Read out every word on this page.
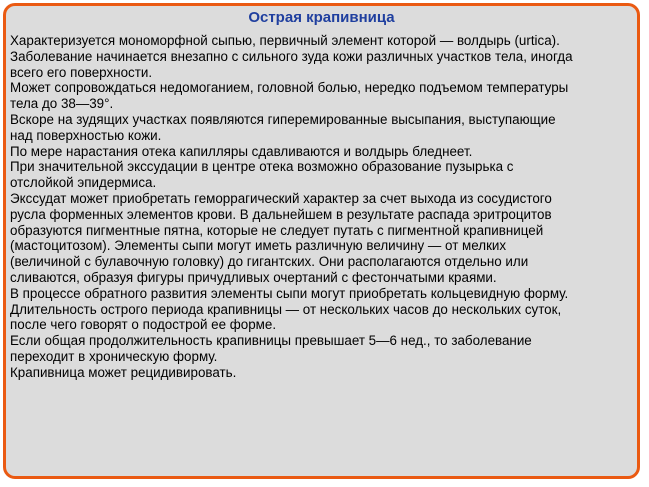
Острая крапивница
Характеризуется мономорфной сыпью, первичный элемент которой — волдырь (urtica).
Заболевание начинается внезапно с сильного зуда кожи различных участков тела, иногда
всего его поверхности.
Может сопровождаться недомоганием, головной болью, нередко подъемом температуры
тела до 38—39°.
Вскоре на зудящих участках появляются гиперемированные высыпания, выступающие
над поверхностью кожи.
По мере нарастания отека капилляры сдавливаются и волдырь бледнеет.
При значительной экссудации в центре отека возможно образование пузырька с
отслойкой эпидермиса.
Экссудат может приобретать геморрагический характер за счет выхода из сосудистого
русла форменных элементов крови. В дальнейшем в результате распада эритроцитов
образуются пигментные пятна, которые не следует путать с пигментной крапивницей
(мастоцитозом). Элементы сыпи могут иметь различную величину — от мелких
(величиной с булавочную головку) до гигантских. Они располагаются отдельно или
сливаются, образуя фигуры причудливых очертаний с фестончатыми краями.
В процессе обратного развития элементы сыпи могут приобретать кольцевидную форму.
Длительность острого периода крапивницы — от нескольких часов до нескольких суток,
после чего говорят о подострой ее форме.
Если общая продолжительность крапивницы превышает 5—6 нед., то заболевание
переходит в хроническую форму.
Крапивница может рецидивировать.
